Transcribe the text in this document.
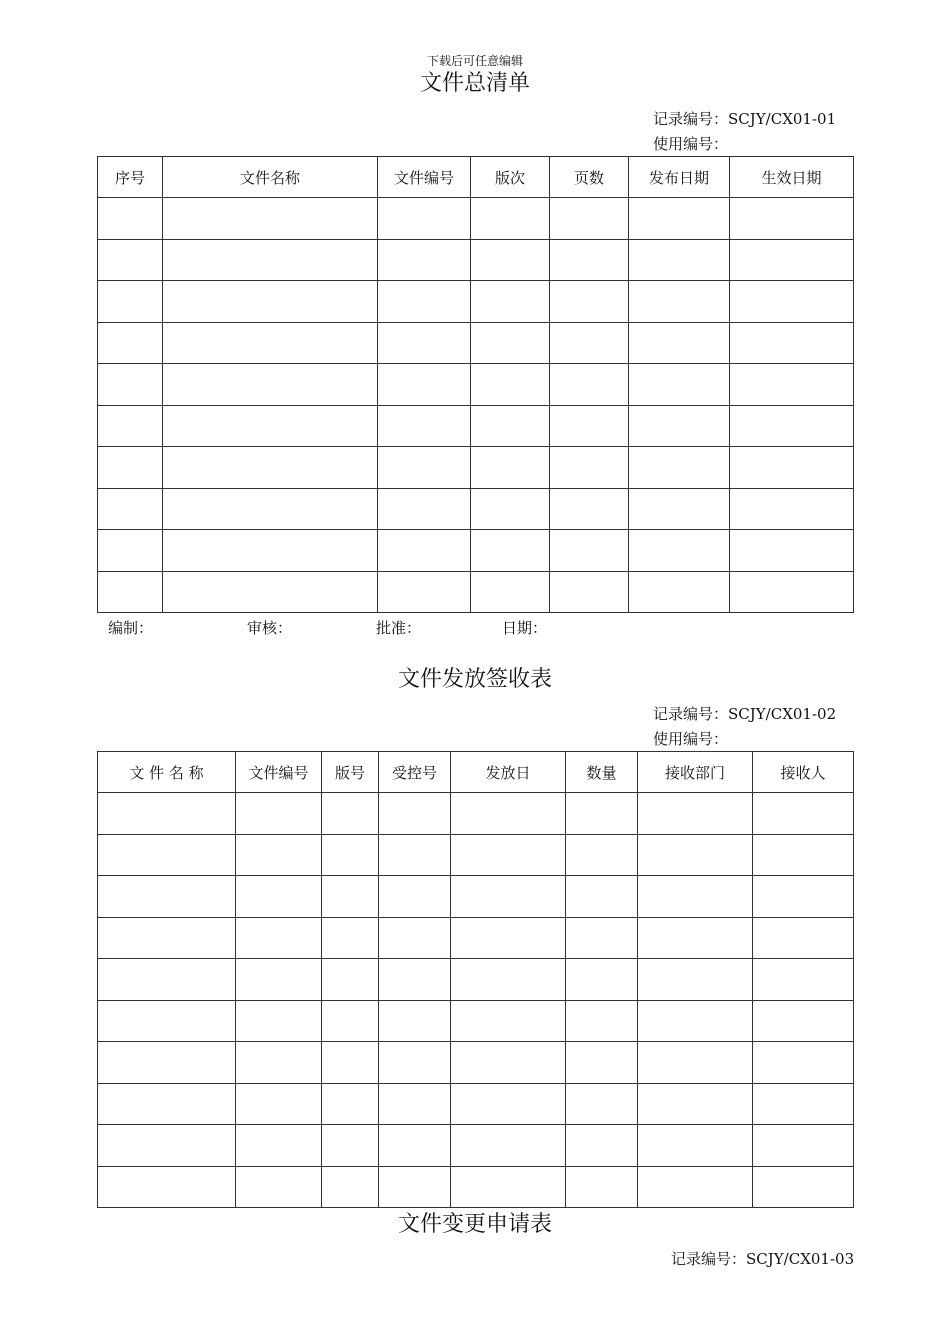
下载后可任意编辑
文件总清单
记录编号：SCJY/CX01-01
使用编号：
序号	文件名称	文件编号	版次	页数	发布日期	生效日期

编制：	审核：	批准：	日期：
文件发放签收表
记录编号：SCJY/CX01-02
使用编号：
文 件 名 称	文件编号	版号	受控号	发放日	数量	接收部门	接收人

文件变更申请表
记录编号：SCJY/CX01-03
